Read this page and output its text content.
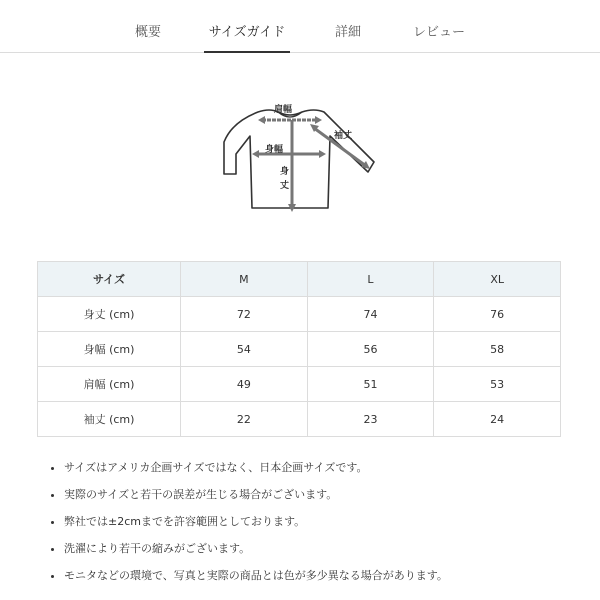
概要	サイズガイド	詳細	レビュー
肩幅
袖丈
身幅
身
丈
サイズ	M	L	XL
身丈 (cm)	72	74	76
身幅 (cm)	54	56	58
肩幅 (cm)	49	51	53
袖丈 (cm)	22	23	24
• サイズはアメリカ企画サイズではなく、日本企画サイズです。
• 実際のサイズと若干の誤差が生じる場合がございます。
• 弊社では±2cmまでを許容範囲としております。
• 洗濯により若干の縮みがございます。
• モニタなどの環境で、写真と実際の商品とは色が多少異なる場合があります。
